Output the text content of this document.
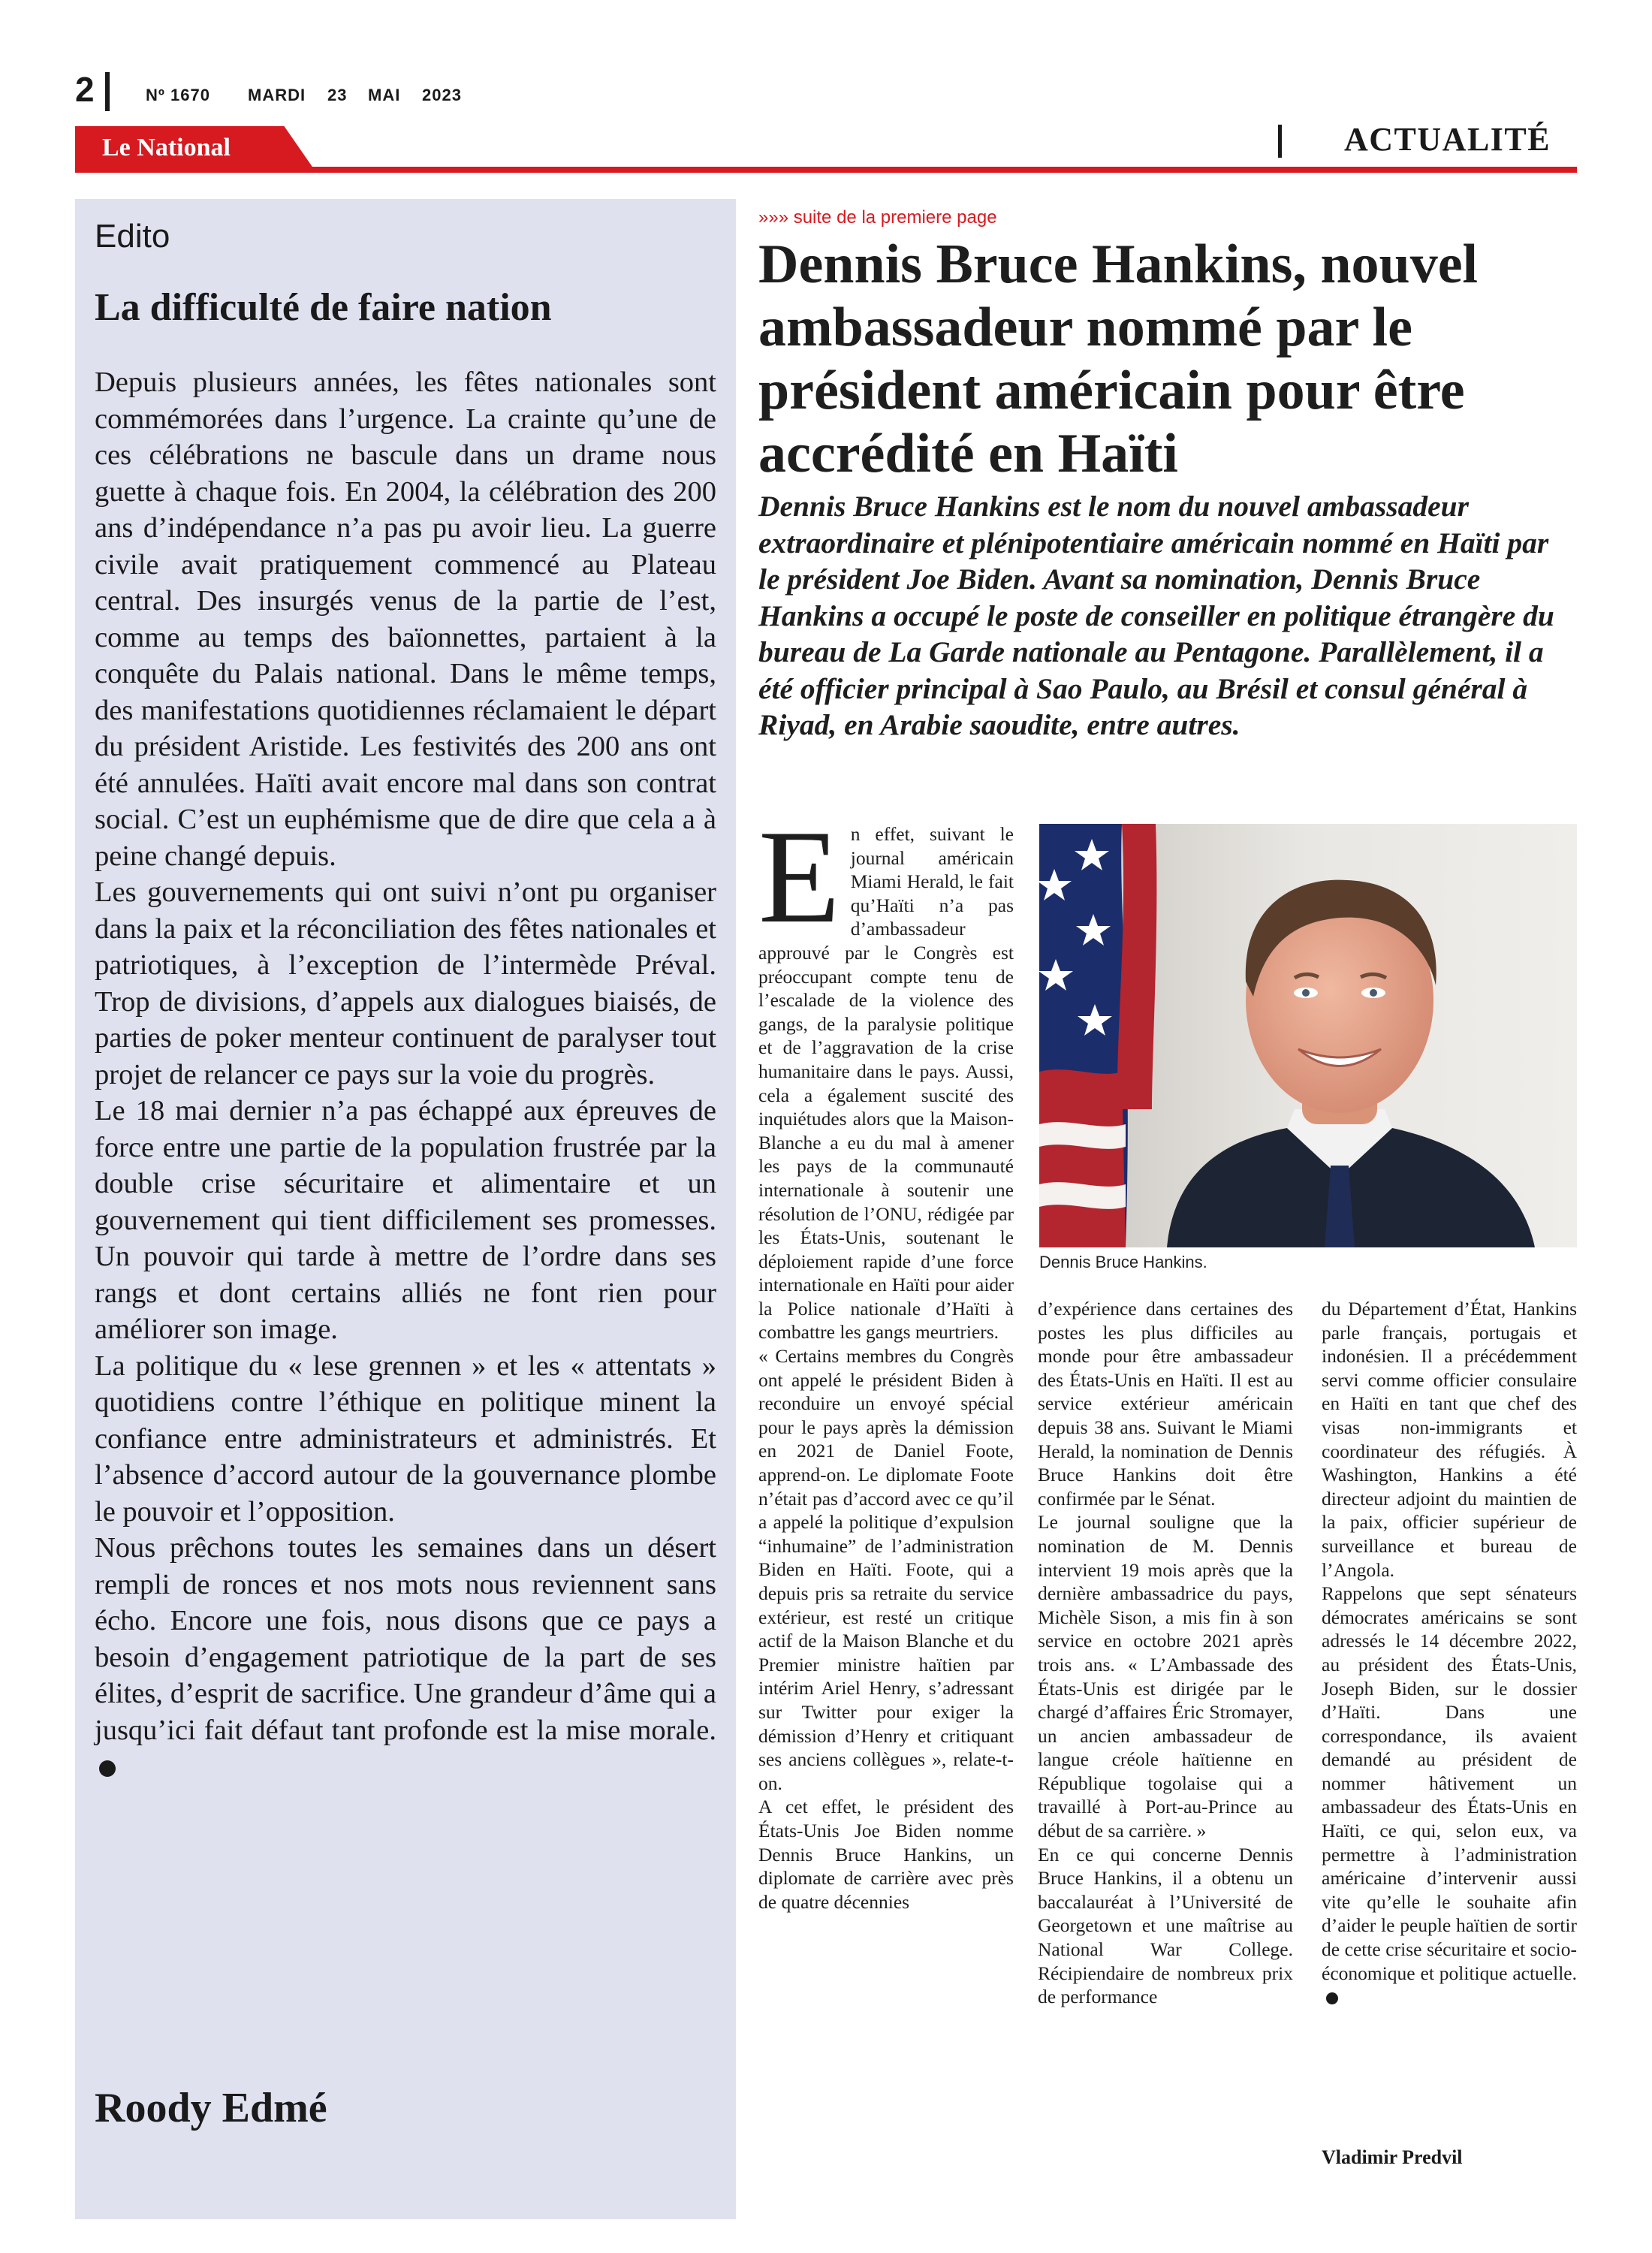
2	Nº 1670 MARDI 23 MAI 2023
Le National	ACTUALITÉ
Edito
La difficulté de faire nation

Depuis plusieurs années, les fêtes nationales sont commémorées dans l’urgence. La crainte qu’une de ces célébrations ne bascule dans un drame nous guette à chaque fois. En 2004, la célébration des 200 ans d’indépendance n’a pas pu avoir lieu. La guerre civile avait pratiquement commencé au Plateau central. Des insurgés venus de la partie de l’est, comme au temps des baïonnettes, partaient à la conquête du Palais national. Dans le même temps, des manifestations quotidiennes réclamaient le départ du président Aristide. Les festivités des 200 ans ont été annulées. Haïti avait encore mal dans son contrat social. C’est un euphémisme que de dire que cela a à peine changé depuis.

Les gouvernements qui ont suivi n’ont pu organiser dans la paix et la réconciliation des fêtes nationales et patriotiques, à l’exception de l’intermède Préval. Trop de divisions, d’appels aux dialogues biaisés, de parties de poker menteur continuent de paralyser tout projet de relancer ce pays sur la voie du progrès.

Le 18 mai dernier n’a pas échappé aux épreuves de force entre une partie de la population frustrée par la double crise sécuritaire et alimentaire et un gouvernement qui tient difficilement ses promesses. Un pouvoir qui tarde à mettre de l’ordre dans ses rangs et dont certains alliés ne font rien pour améliorer son image.

La politique du « lese grennen » et les « attentats » quotidiens contre l’éthique en politique minent la confiance entre administrateurs et administrés. Et l’absence d’accord autour de la gouvernance plombe le pouvoir et l’opposition.

Nous prêchons toutes les semaines dans un désert rempli de ronces et nos mots nous reviennent sans écho. Encore une fois, nous disons que ce pays a besoin d’engagement patriotique de la part de ses élites, d’esprit de sacrifice. Une grandeur d’âme qui a jusqu’ici fait défaut tant profonde est la mise morale.

Roody Edmé
»»» suite de la premiere page
Dennis Bruce Hankins, nouvel ambassadeur nommé par le président américain pour être accrédité en Haïti
Dennis Bruce Hankins est le nom du nouvel ambassadeur extraordinaire et plénipotentiaire américain nommé en Haïti par le président Joe Biden. Avant sa nomination, Dennis Bruce Hankins a occupé le poste de conseiller en politique étrangère du bureau de La Garde nationale au Pentagone. Parallèlement, il a été officier principal à Sao Paulo, au Brésil et consul général à Riyad, en Arabie saoudite, entre autres.

En effet, suivant le journal américain Miami Herald, le fait qu’Haïti n’a pas d’ambassadeur approuvé par le Congrès est préoccupant compte tenu de l’escalade de la violence des gangs, de la paralysie politique et de l’aggravation de la crise humanitaire dans le pays. Aussi, cela a également suscité des inquiétudes alors que la Maison-Blanche a eu du mal à amener les pays de la communauté internationale à soutenir une résolution de l’ONU, rédigée par les États-Unis, soutenant le déploiement rapide d’une force internationale en Haïti pour aider la Police nationale d’Haïti à combattre les gangs meurtriers.

« Certains membres du Congrès ont appelé le président Biden à reconduire un envoyé spécial pour le pays après la démission en 2021 de Daniel Foote, apprend-on. Le diplomate Foote n’était pas d’accord avec ce qu’il a appelé la politique d’expulsion “inhumaine” de l’administration Biden en Haïti. Foote, qui a depuis pris sa retraite du service extérieur, est resté un critique actif de la Maison Blanche et du Premier ministre haïtien par intérim Ariel Henry, s’adressant sur Twitter pour exiger la démission d’Henry et critiquant ses anciens collègues », relate-t-on.

A cet effet, le président des États-Unis Joe Biden nomme Dennis Bruce Hankins, un diplomate de carrière avec près de quatre décennies

Dennis Bruce Hankins.

d’expérience dans certaines des postes les plus difficiles au monde pour être ambassadeur des États-Unis en Haïti. Il est au service extérieur américain depuis 38 ans. Suivant le Miami Herald, la nomination de Dennis Bruce Hankins doit être confirmée par le Sénat.

Le journal souligne que la nomination de M. Dennis intervient 19 mois après que la dernière ambassadrice du pays, Michèle Sison, a mis fin à son service en octobre 2021 après trois ans. « L’Ambassade des États-Unis est dirigée par le chargé d’affaires Éric Stromayer, un ancien ambassadeur de langue créole haïtienne en République togolaise qui a travaillé à Port-au-Prince au début de sa carrière. »

En ce qui concerne Dennis Bruce Hankins, il a obtenu un baccalauréat à l’Université de Georgetown et une maîtrise au National War College. Récipiendaire de nombreux prix de performance

du Département d’État, Hankins parle français, portugais et indonésien. Il a précédemment servi comme officier consulaire en Haïti en tant que chef des visas non-immigrants et coordinateur des réfugiés. À Washington, Hankins a été directeur adjoint du maintien de la paix, officier supérieur de surveillance et bureau de l’Angola.

Rappelons que sept sénateurs démocrates américains se sont adressés le 14 décembre 2022, au président des États-Unis, Joseph Biden, sur le dossier d’Haïti. Dans une correspondance, ils avaient demandé au président de nommer hâtivement un ambassadeur des États-Unis en Haïti, ce qui, selon eux, va permettre à l’administration américaine d’intervenir aussi vite qu’elle le souhaite afin d’aider le peuple haïtien de sortir de cette crise sécuritaire et socio-économique et politique actuelle.

Vladimir Predvil
